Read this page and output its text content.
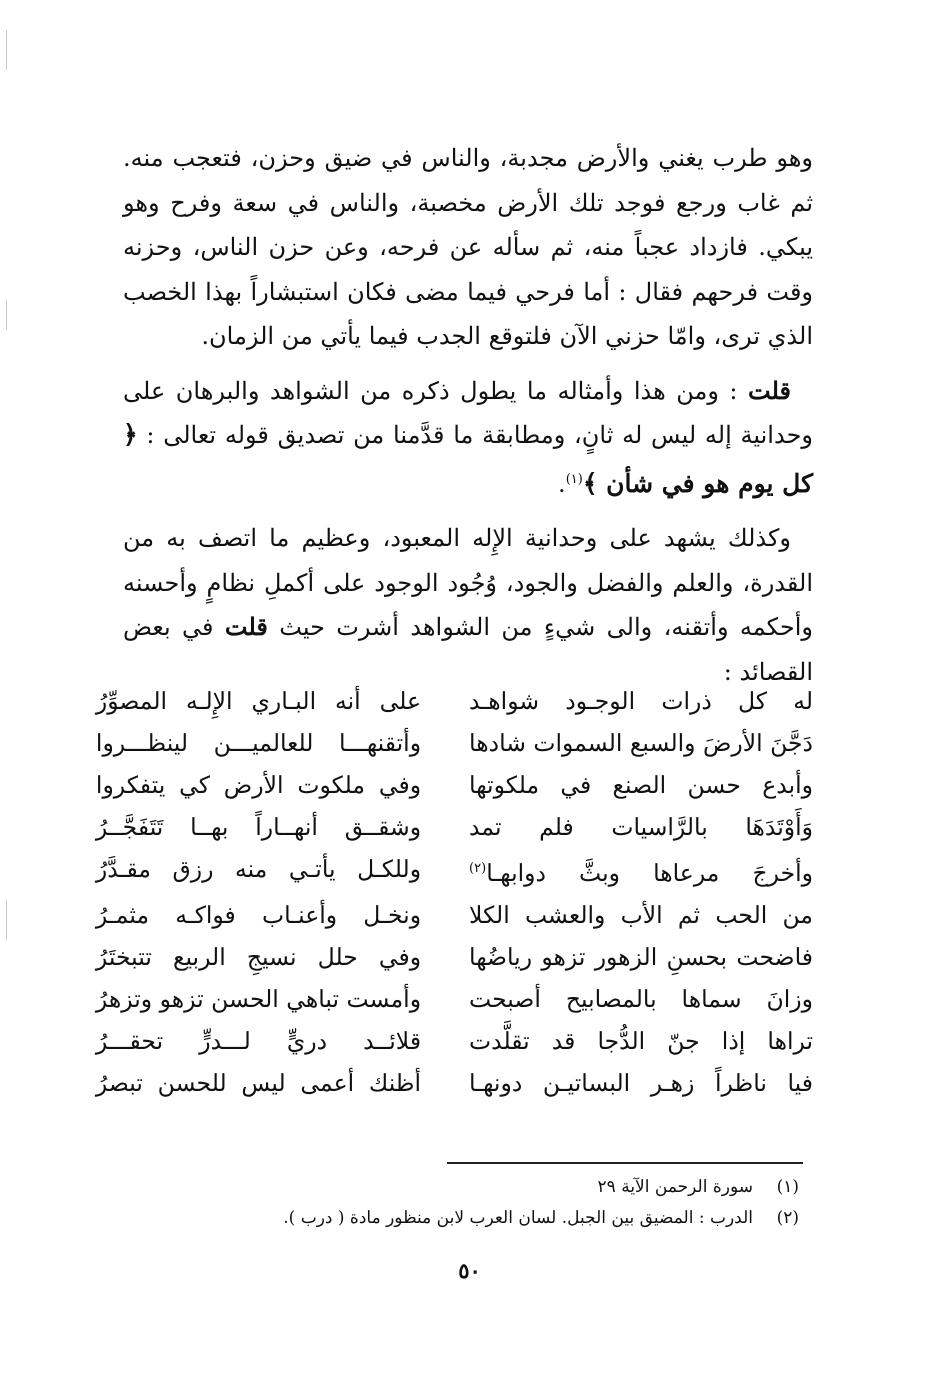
وهو طرب يغني والأرض مجدبة، والناس في ضيق وحزن، فتعجب منه. ثم غاب ورجع فوجد تلك الأرض مخصبة، والناس في سعة وفرح وهو يبكي. فازداد عجباً منه، ثم سأله عن فرحه، وعن حزن الناس، وحزنه وقت فرحهم فقال : أما فرحي فيما مضى فكان استبشاراً بهذا الخصب الذي ترى، وامّا حزني الآن فلتوقع الجدب فيما يأتي من الزمان.

قلت : ومن هذا وأمثاله ما يطول ذكره من الشواهد والبرهان على وحدانية إله ليس له ثانٍ، ومطابقة ما قدَّمنا من تصديق قوله تعالى : ﴿ كل يوم هو في شأن ﴾$^{(١)}$.

وكذلك يشهد على وحدانية الإِله المعبود، وعظيم ما اتصف به من القدرة، والعلم والفضل والجود، وُجُود الوجود على أكملِ نظامٍ وأحسنه وأحكمه وأتقنه، والى شيءٍ من الشواهد أشرت حيث قلت في بعض القصائد :

له كل ذرات الوجـود شواهـد
على أنه البـاري الإِلـه المصوِّرُ
دَجَّنَ الأرضَ والسبع السموات شادها
وأتقنهـــا للعالميـــن لينظـــروا
وأبدع حسن الصنع في ملكوتها
وفي ملكوت الأرض كي يتفكروا
وَأَوْتَدَهَا بالرَّاسيات فلم تمد
وشقــق أنهــاراً بهــا تَتَفَجَّــرُ
وأخرجَ مرعاها وبثَّ دوابهـا$^{(٢)}$
وللكـل يأتـي منه رزق مقـدَّرُ
من الحب ثم الأب والعشب الكلا
ونخـل وأعنـاب فواكـه مثمـرُ
فاضحت بحسنِ الزهور تزهو رياضُها
وفي حلل نسيجِ الربيع تتبختَرُ
وزانَ سماها بالمصابيح أصبحت
وأمست تباهي الحسن تزهو وتزهرُ
تراها إذا جنّ الدُّجا قد تقلَّدت
قلائــد دريٍّ لـــدرٍّ تحقـــرُ
فيا ناظراً زهـر البساتيـن دونهـا
أظنك أعمى ليس للحسن تبصرُ
(١)
سورة الرحمن الآية ٢٩
(٢)
الدرب : المضيق بين الجبل. لسان العرب لابن منظور مادة ( درب ).
٥٠
